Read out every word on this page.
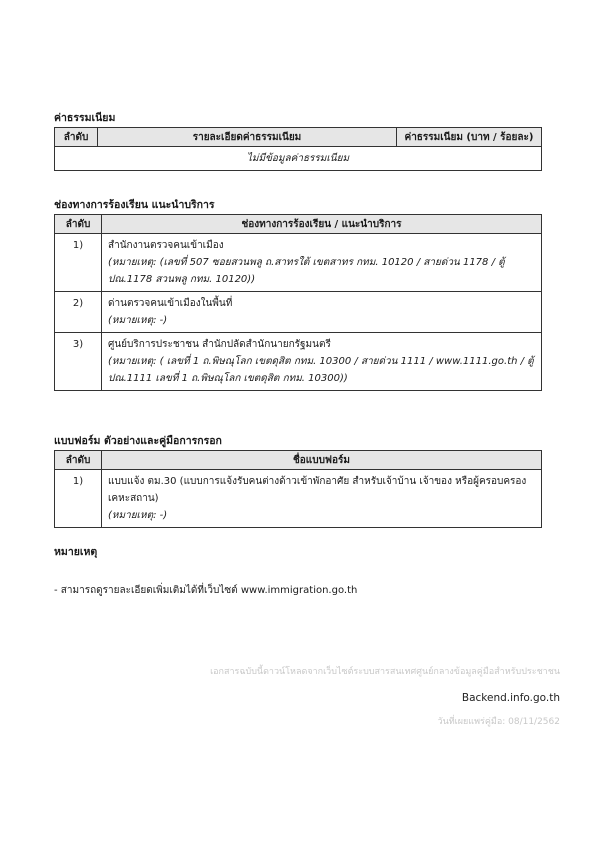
ค่าธรรมเนียม
ลำดับ	รายละเอียดค่าธรรมเนียม	ค่าธรรมเนียม (บาท / ร้อยละ)
ไม่มีข้อมูลค่าธรรมเนียม
ช่องทางการร้องเรียน แนะนำบริการ
ลำดับ	ช่องทางการร้องเรียน / แนะนำบริการ
1)	สำนักงานตรวจคนเข้าเมือง
(หมายเหตุ: (เลขที่ 507 ซอยสวนพลู ถ.สาทรใต้ เขตสาทร กทม. 10120 / สายด่วน 1178 / ตู้ ปณ.1178 สวนพลู กทม. 10120))

2)	ด่านตรวจคนเข้าเมืองในพื้นที่
(หมายเหตุ: -)

3)	ศูนย์บริการประชาชน สำนักปลัดสำนักนายกรัฐมนตรี
(หมายเหตุ: ( เลขที่ 1 ถ.พิษณุโลก เขตดุสิต กทม. 10300 / สายด่วน 1111 / www.1111.go.th / ตู้ ปณ.1111 เลขที่ 1 ถ.พิษณุโลก เขตดุสิต กทม. 10300))
แบบฟอร์ม ตัวอย่างและคู่มือการกรอก
ลำดับ	ชื่อแบบฟอร์ม
1)	แบบแจ้ง ตม.30 (แบบการแจ้งรับคนต่างด้าวเข้าพักอาศัย สำหรับเจ้าบ้าน เจ้าของ หรือผู้ครอบครองเคหะสถาน)
(หมายเหตุ: -)
หมายเหตุ
- สามารถดูรายละเอียดเพิ่มเติมได้ที่เว็บไซต์ www.immigration.go.th
เอกสารฉบับนี้ดาวน์โหลดจากเว็บไซต์ระบบสารสนเทศศูนย์กลางข้อมูลคู่มือสำหรับประชาชน
Backend.info.go.th
วันที่เผยแพร่คู่มือ: 08/11/2562
